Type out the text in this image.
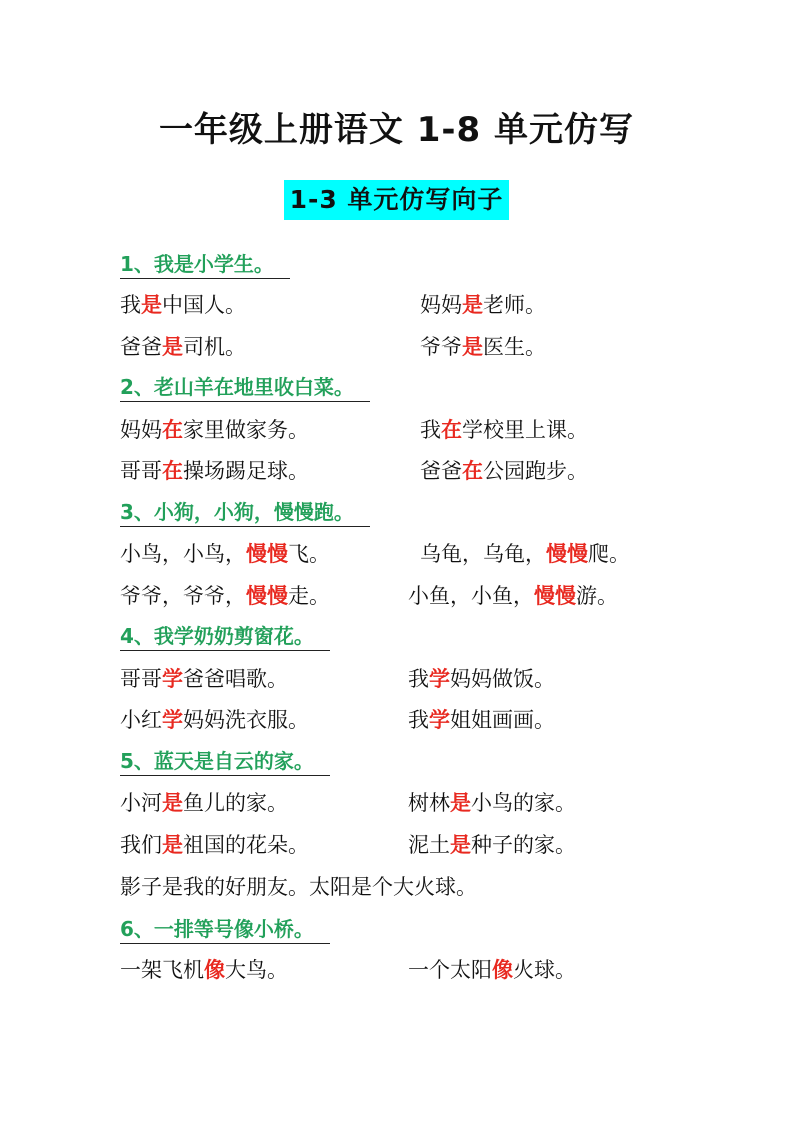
一年级上册语文 1-8 单元仿写
1-3 单元仿写向子
1、我是小学生。
我是中国人。	妈妈是老师。
爸爸是司机。	爷爷是医生。
2、老山羊在地里收白菜。
妈妈在家里做家务。	我在学校里上课。
哥哥在操场踢足球。	爸爸在公园跑步。
3、小狗，小狗，慢慢跑。
小鸟，小鸟，慢慢飞。	乌龟，乌龟，慢慢爬。
爷爷，爷爷，慢慢走。	小鱼，小鱼，慢慢游。
4、我学奶奶剪窗花。
哥哥学爸爸唱歌。	我学妈妈做饭。
小红学妈妈洗衣服。	我学姐姐画画。
5、蓝天是自云的家。
小河是鱼儿的家。	树林是小鸟的家。
我们是祖国的花朵。	泥土是种子的家。
影子是我的好朋友。太阳是个大火球。
6、一排等号像小桥。
一架飞机像大鸟。	一个太阳像火球。
